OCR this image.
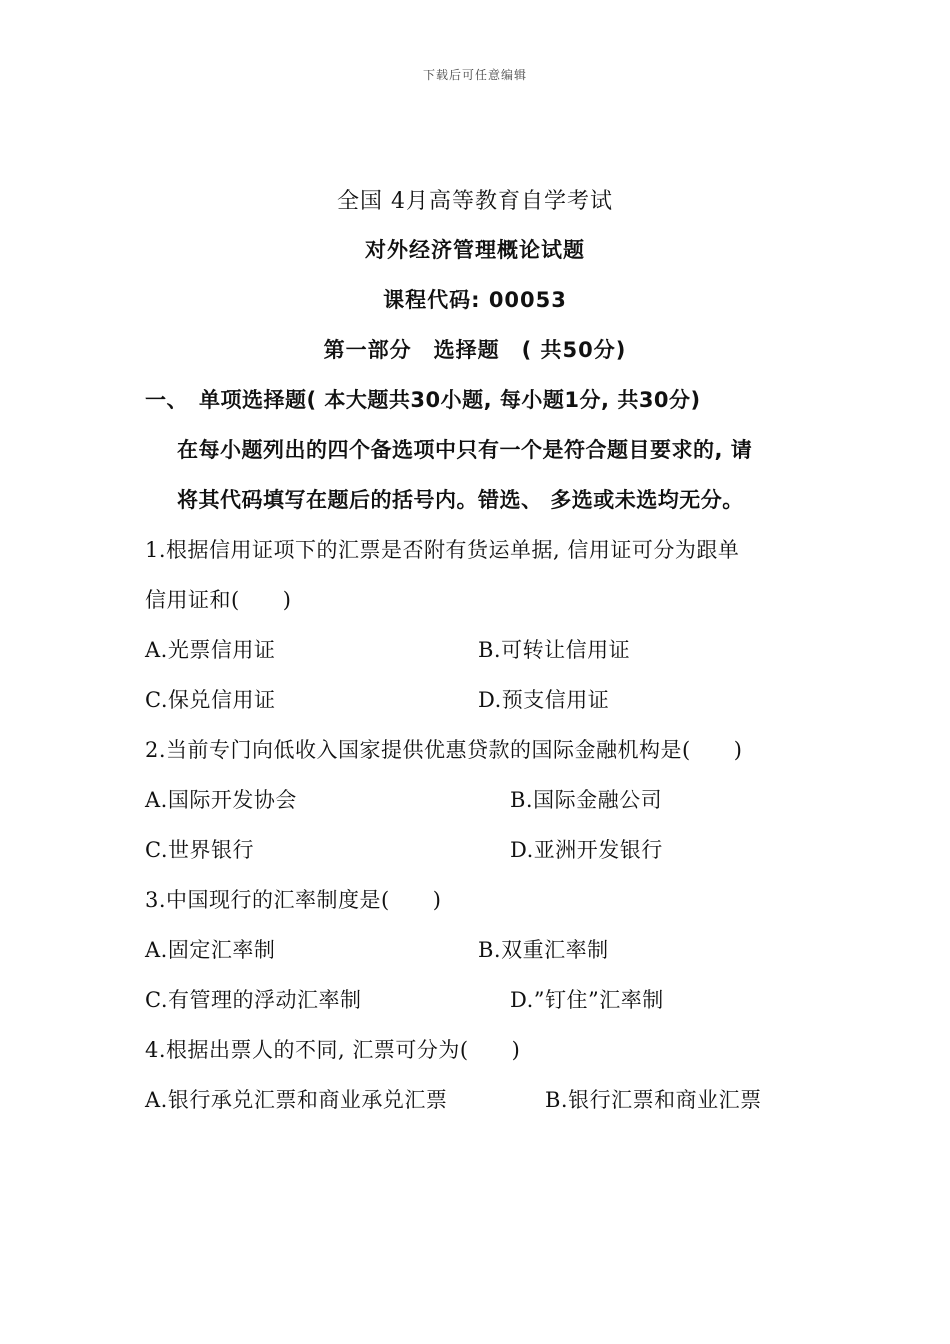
下载后可任意编辑
全国 4月高等教育自学考试
对外经济管理概论试题
课程代码: 00053
第一部分　选择题　( 共50分)
一、　单项选择题( 本大题共30小题, 每小题1分, 共30分)
在每小题列出的四个备选项中只有一个是符合题目要求的, 请
将其代码填写在题后的括号内。错选、 多选或未选均无分。
1.根据信用证项下的汇票是否附有货运单据, 信用证可分为跟单
信用证和(　　)
A.光票信用证	B.可转让信用证
C.保兑信用证	D.预支信用证
2.当前专门向低收入国家提供优惠贷款的国际金融机构是(　　)
A.国际开发协会	B.国际金融公司
C.世界银行	D.亚洲开发银行
3.中国现行的汇率制度是(　　)
A.固定汇率制	B.双重汇率制
C.有管理的浮动汇率制	D.”钉住”汇率制
4.根据出票人的不同, 汇票可分为(　　)
A.银行承兑汇票和商业承兑汇票	B.银行汇票和商业汇票
